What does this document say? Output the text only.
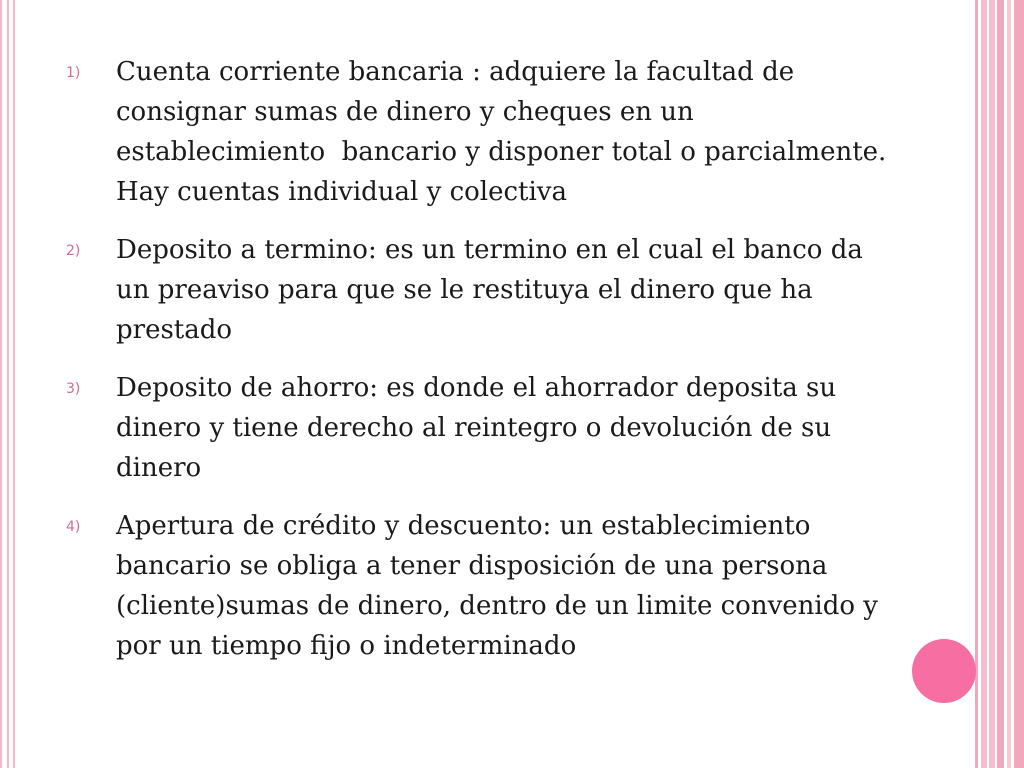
1) Cuenta corriente bancaria : adquiere la facultad de consignar sumas de dinero y cheques en un establecimiento  bancario y disponer total o parcialmente. Hay cuentas individual y colectiva
2) Deposito a termino: es un termino en el cual el banco da un preaviso para que se le restituya el dinero que ha prestado
3) Deposito de ahorro: es donde el ahorrador deposita su dinero y tiene derecho al reintegro o devolución de su dinero
4) Apertura de crédito y descuento: un establecimiento bancario se obliga a tener disposición de una persona (cliente)sumas de dinero, dentro de un limite convenido y por un tiempo fijo o indeterminado
